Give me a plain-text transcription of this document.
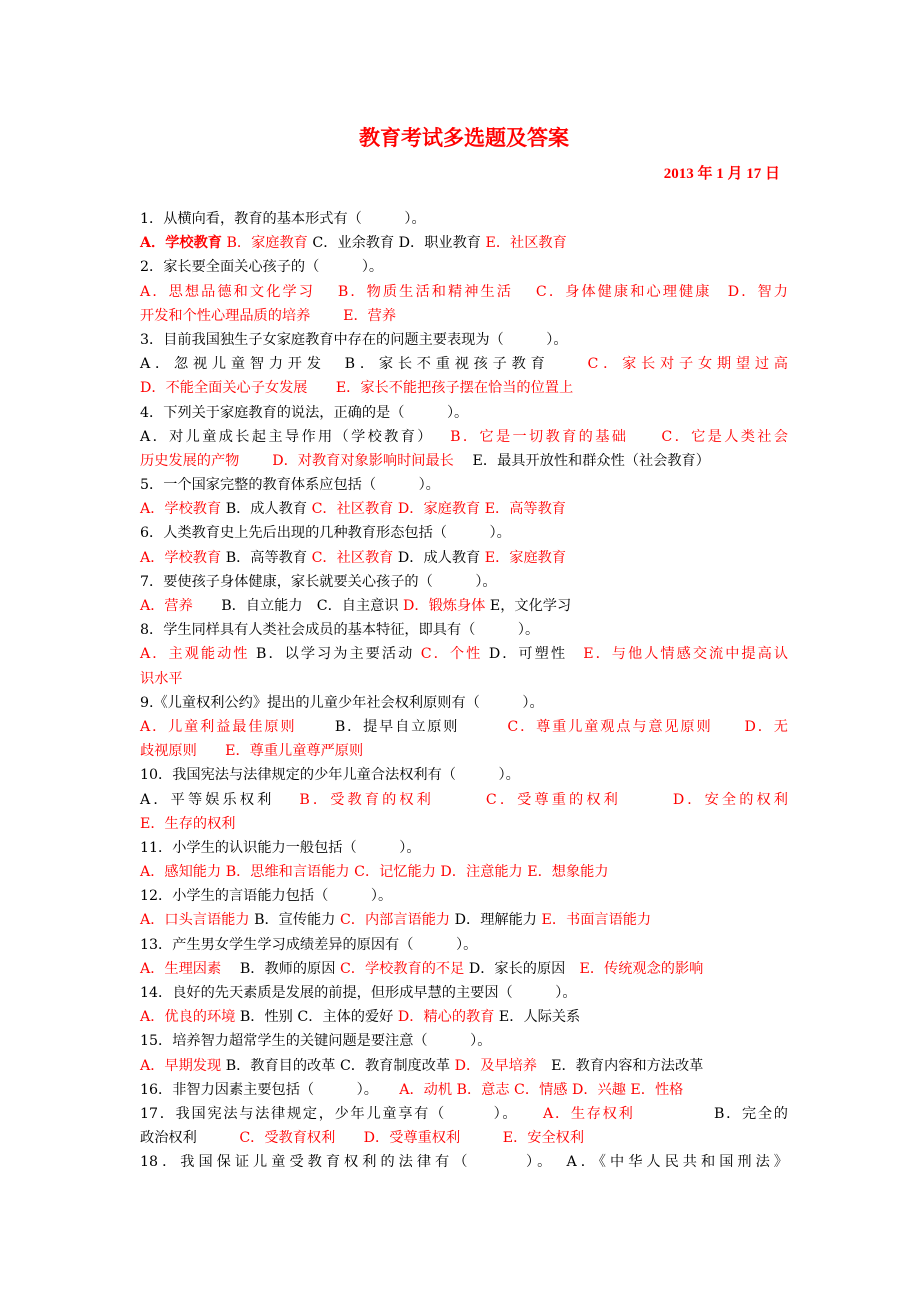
教育考试多选题及答案
2013 年 1 月 17 日
1．从横向看，教育的基本形式有（　　　）。
A．学校教育 B．家庭教育 C．业余教育 D．职业教育 E．社区教育
2．家长要全面关心孩子的（　　　）。
A．思想品德和文化学习　 B．物质生活和精神生活　 C．身体健康和心理健康　D．智力
开发和个性心理品质的培养　　 E．营养
3．目前我国独生子女家庭教育中存在的问题主要表现为（　　　）。
A．忽视儿童智力开发　B．家长不重视孩子教育　　C．家长对子女期望过高
D．不能全面关心子女发展　　E．家长不能把孩子摆在恰当的位置上
4．下列关于家庭教育的说法，正确的是（　　　）。
A．对儿童成长起主导作用（学校教育）　 B．它是一切教育的基础　　C．它是人类社会
历史发展的产物　　 D．对教育对象影响时间最长　 E．最具开放性和群众性（社会教育）
5．一个国家完整的教育体系应包括（　　　）。
A．学校教育 B．成人教育 C．社区教育 D．家庭教育 E．高等教育
6．人类教育史上先后出现的几种教育形态包括（　　　）。
A．学校教育 B．高等教育 C．社区教育 D．成人教育 E．家庭教育
7．要使孩子身体健康，家长就要关心孩子的（　　　）。
A．营养　　B．自立能力　C．自主意识 D．锻炼身体 E，文化学习
8．学生同样具有人类社会成员的基本特征，即具有（　　　）。
A．主观能动性 B．以学习为主要活动 C．个性 D．可塑性　E．与他人情感交流中提高认
识水平
9.《儿童权利公约》提出的儿童少年社会权利原则有（　　　）。
A．儿童利益最佳原则　　 B．提早自立原则　　　C．尊重儿童观点与意见原则　　D．无
歧视原则　　E．尊重儿童尊严原则
10．我国宪法与法律规定的少年儿童合法权利有（　　　）。
A．平等娱乐权利　 B．受教育的权利　　　C．受尊重的权利　　　D．安全的权利
E．生存的权利
11．小学生的认识能力一般包括（　　　）。
A．感知能力 B．思维和言语能力 C．记忆能力 D．注意能力 E．想象能力
12．小学生的言语能力包括（　　　）。
A．口头言语能力 B．宣传能力 C．内部言语能力 D．理解能力 E．书面言语能力
13．产生男女学生学习成绩差异的原因有（　　　）。
A．生理因素　 B．教师的原因 C．学校教育的不足 D．家长的原因　E．传统观念的影响
14．良好的先天素质是发展的前提，但形成早慧的主要因（　　　）。
A．优良的环境 B．性别 C．主体的爱好 D．精心的教育 E．人际关系
15．培养智力超常学生的关键问题是要注意（　　　）。
A．早期发现 B．教育目的改革 C．教育制度改革 D．及早培养　E．教育内容和方法改革
16．非智力因素主要包括（　　　）。　　A．动机 B．意志 C．情感 D．兴趣 E．性格
17．我国宪法与法律规定，少年儿童享有（　　　）。　　A．生存权利　　　　　B．完全的
政治权利　　　C．受教育权利　　D．受尊重权利　　　E．安全权利
18．我国保证儿童受教育权利的法律有（　　　）。　A．《中华人民共和国刑法》
